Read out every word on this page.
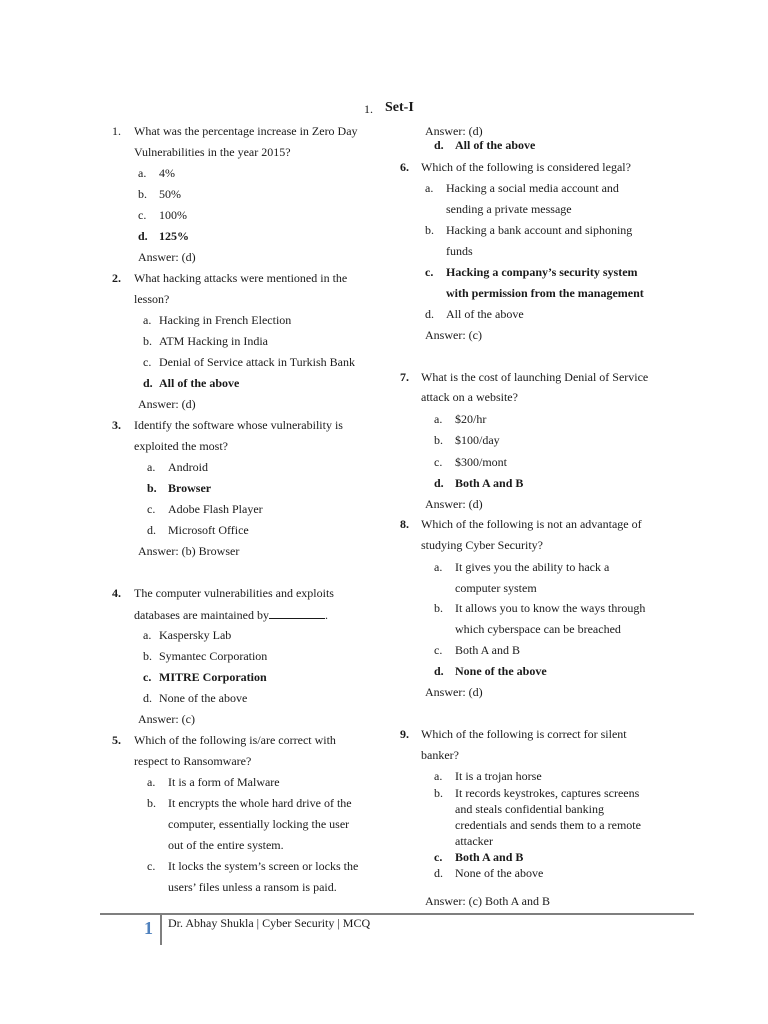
1. Set-I
1. What was the percentage increase in Zero Day
Vulnerabilities in the year 2015?
a. 4%
b. 50%
c. 100%
d. 125%
Answer: (d)
2. What hacking attacks were mentioned in the
lesson?
a. Hacking in French Election
b. ATM Hacking in India
c. Denial of Service attack in Turkish Bank
d. All of the above
Answer: (d)
3. Identify the software whose vulnerability is
exploited the most?
a. Android
b. Browser
c. Adobe Flash Player
d. Microsoft Office
Answer: (b) Browser
4. The computer vulnerabilities and exploits
databases are maintained by	.
a. Kaspersky Lab
b. Symantec Corporation
c. MITRE Corporation
d. None of the above
Answer: (c)
5. Which of the following is/are correct with
respect to Ransomware?
a. It is a form of Malware
b. It encrypts the whole hard drive of the
computer, essentially locking the user
out of the entire system.
c. It locks the system’s screen or locks the
users’ files unless a ransom is paid.
Answer: (d)
d. All of the above
6. Which of the following is considered legal?
a. Hacking a social media account and
sending a private message
b. Hacking a bank account and siphoning
funds
c. Hacking a company’s security system
with permission from the management
d. All of the above
Answer: (c)
7. What is the cost of launching Denial of Service
attack on a website?
a. $20/hr
b. $100/day
c. $300/mont
d. Both A and B
Answer: (d)
8. Which of the following is not an advantage of
studying Cyber Security?
a. It gives you the ability to hack a
computer system
b. It allows you to know the ways through
which cyberspace can be breached
c. Both A and B
d. None of the above
Answer: (d)
9. Which of the following is correct for silent
banker?
a. It is a trojan horse
b. It records keystrokes, captures screens
and steals confidential banking
credentials and sends them to a remote
attacker
c. Both A and B
d. None of the above
Answer: (c) Both A and B
1 Dr. Abhay Shukla | Cyber Security | MCQ
